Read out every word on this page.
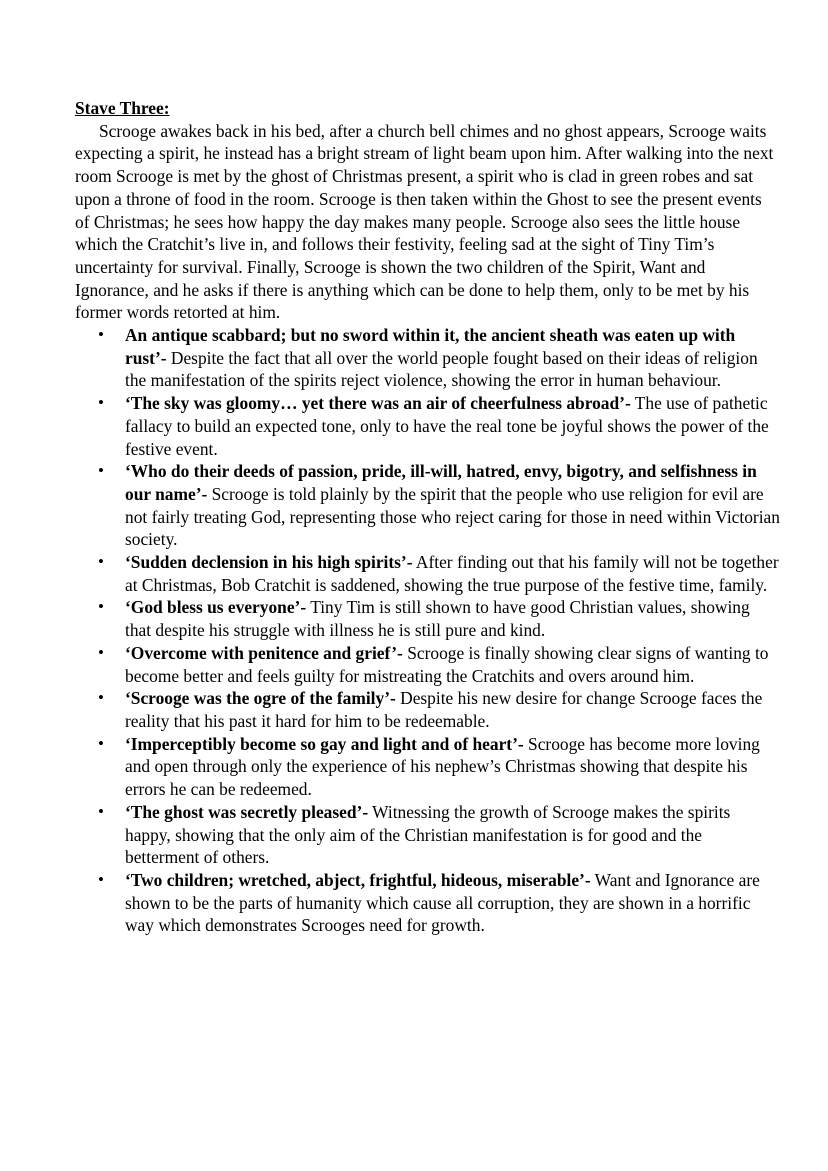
Stave Three:

Scrooge awakes back in his bed, after a church bell chimes and no ghost appears, Scrooge waits expecting a spirit, he instead has a bright stream of light beam upon him. After walking into the next room Scrooge is met by the ghost of Christmas present, a spirit who is clad in green robes and sat upon a throne of food in the room. Scrooge is then taken within the Ghost to see the present events of Christmas; he sees how happy the day makes many people. Scrooge also sees the little house which the Cratchit’s live in, and follows their festivity, feeling sad at the sight of Tiny Tim’s uncertainty for survival. Finally, Scrooge is shown the two children of the Spirit, Want and Ignorance, and he asks if there is anything which can be done to help them, only to be met by his former words retorted at him.

• An antique scabbard; but no sword within it, the ancient sheath was eaten up with rust’- Despite the fact that all over the world people fought based on their ideas of religion the manifestation of the spirits reject violence, showing the error in human behaviour.
• ‘The sky was gloomy… yet there was an air of cheerfulness abroad’- The use of pathetic fallacy to build an expected tone, only to have the real tone be joyful shows the power of the festive event.
• ‘Who do their deeds of passion, pride, ill-will, hatred, envy, bigotry, and selfishness in our name’- Scrooge is told plainly by the spirit that the people who use religion for evil are not fairly treating God, representing those who reject caring for those in need within Victorian society.
• ‘Sudden declension in his high spirits’- After finding out that his family will not be together at Christmas, Bob Cratchit is saddened, showing the true purpose of the festive time, family.
• ‘God bless us everyone’- Tiny Tim is still shown to have good Christian values, showing that despite his struggle with illness he is still pure and kind.
• ‘Overcome with penitence and grief’- Scrooge is finally showing clear signs of wanting to become better and feels guilty for mistreating the Cratchits and overs around him.
• ‘Scrooge was the ogre of the family’- Despite his new desire for change Scrooge faces the reality that his past it hard for him to be redeemable.
• ‘Imperceptibly become so gay and light and of heart’- Scrooge has become more loving and open through only the experience of his nephew’s Christmas showing that despite his errors he can be redeemed.
• ‘The ghost was secretly pleased’- Witnessing the growth of Scrooge makes the spirits happy, showing that the only aim of the Christian manifestation is for good and the betterment of others.
• ‘Two children; wretched, abject, frightful, hideous, miserable’- Want and Ignorance are shown to be the parts of humanity which cause all corruption, they are shown in a horrific way which demonstrates Scrooges need for growth.
